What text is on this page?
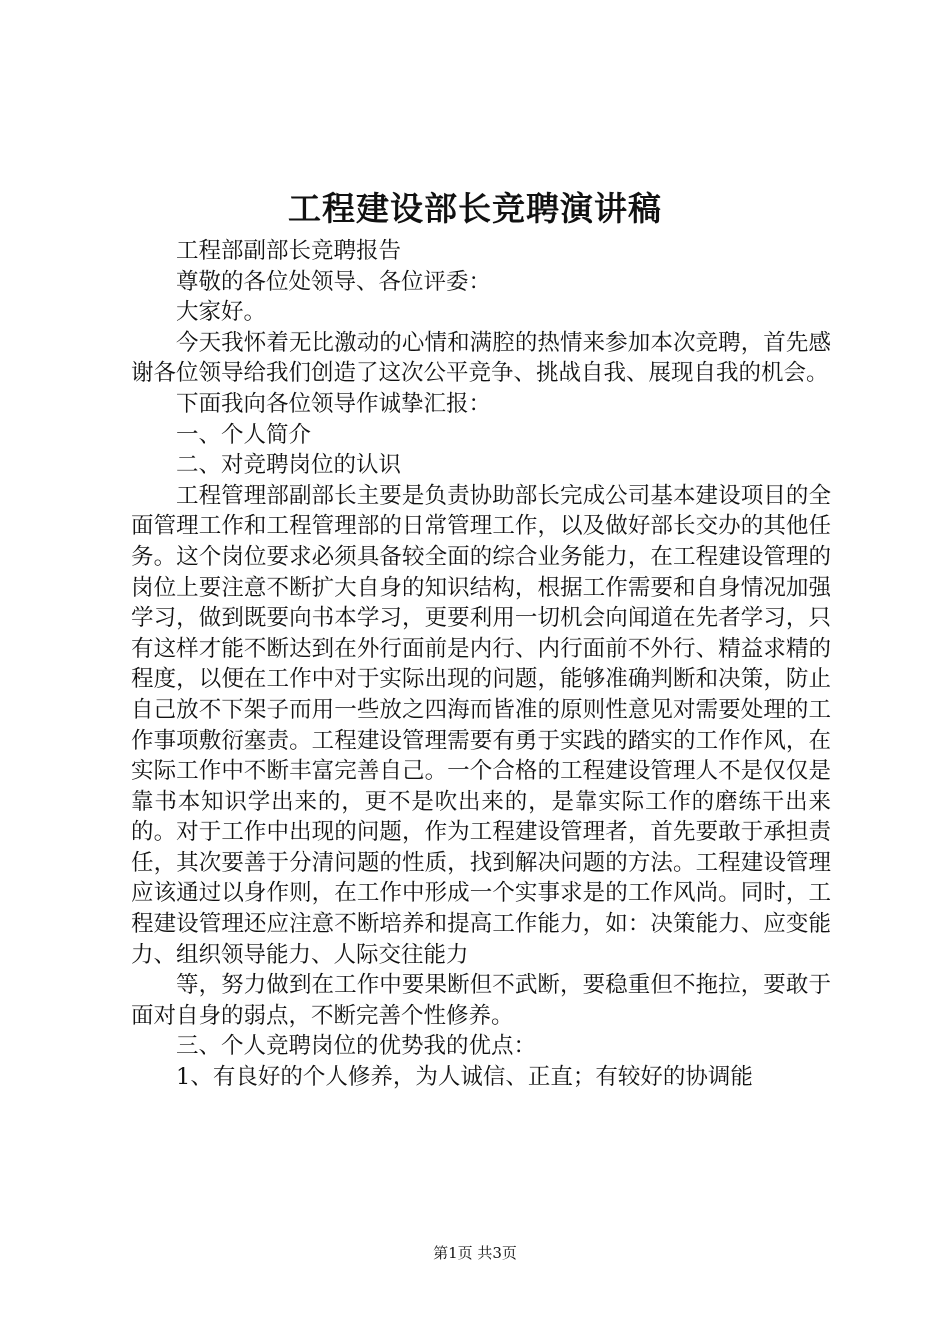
工程建设部长竞聘演讲稿

工程部副部长竞聘报告

尊敬的各位处领导、各位评委：

大家好。

今天我怀着无比激动的心情和满腔的热情来参加本次竞聘，首先感谢各位领导给我们创造了这次公平竞争、挑战自我、展现自我的机会。

下面我向各位领导作诚挚汇报：

一、个人简介

二、对竞聘岗位的认识

工程管理部副部长主要是负责协助部长完成公司基本建设项目的全面管理工作和工程管理部的日常管理工作，以及做好部长交办的其他任务。这个岗位要求必须具备较全面的综合业务能力，在工程建设管理的岗位上要注意不断扩大自身的知识结构，根据工作需要和自身情况加强学习，做到既要向书本学习，更要利用一切机会向闻道在先者学习，只有这样才能不断达到在外行面前是内行、内行面前不外行、精益求精的程度，以便在工作中对于实际出现的问题，能够准确判断和决策，防止自己放不下架子而用一些放之四海而皆准的原则性意见对需要处理的工作事项敷衍塞责。工程建设管理需要有勇于实践的踏实的工作作风，在实际工作中不断丰富完善自己。一个合格的工程建设管理人不是仅仅是靠书本知识学出来的，更不是吹出来的，是靠实际工作的磨练干出来的。对于工作中出现的问题，作为工程建设管理者，首先要敢于承担责任，其次要善于分清问题的性质，找到解决问题的方法。工程建设管理应该通过以身作则，在工作中形成一个实事求是的工作风尚。同时，工程建设管理还应注意不断培养和提高工作能力，如：决策能力、应变能力、组织领导能力、人际交往能力

等，努力做到在工作中要果断但不武断，要稳重但不拖拉，要敢于面对自身的弱点，不断完善个性修养。

三、个人竞聘岗位的优势我的优点：

1、有良好的个人修养，为人诚信、正直；有较好的协调能

第1页 共3页
